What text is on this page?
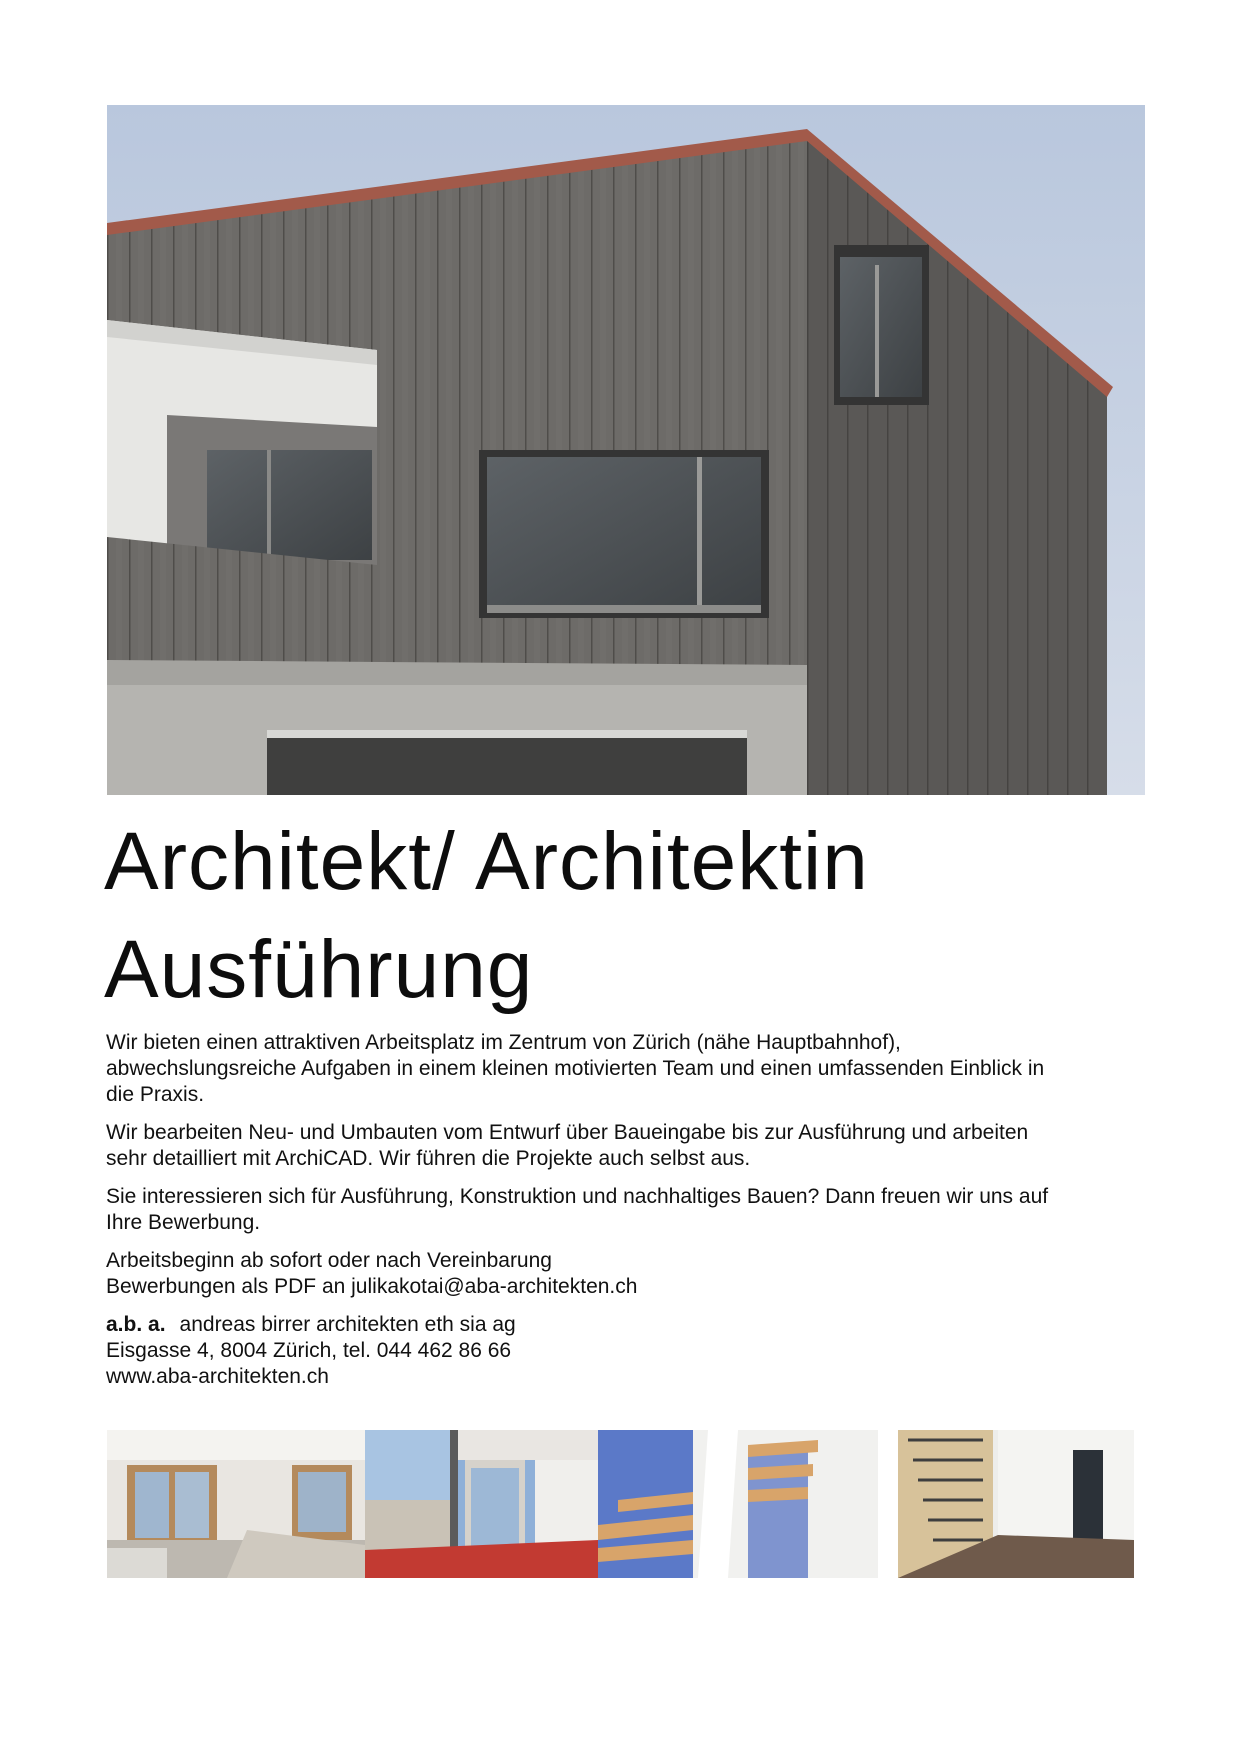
Architekt/ Architektin
Ausführung

Wir bieten einen attraktiven Arbeitsplatz im Zentrum von Zürich (nähe Hauptbahnhof),
abwechslungsreiche Aufgaben in einem kleinen motivierten Team und einen umfassenden Einblick in
die Praxis.

Wir bearbeiten Neu- und Umbauten vom Entwurf über Baueingabe bis zur Ausführung und arbeiten
sehr detailliert mit ArchiCAD. Wir führen die Projekte auch selbst aus.

Sie interessieren sich für Ausführung, Konstruktion und nachhaltiges Bauen? Dann freuen wir uns auf
Ihre Bewerbung.

Arbeitsbeginn ab sofort oder nach Vereinbarung
Bewerbungen als PDF an julikakotai@aba-architekten.ch

a.b. a. andreas birrer architekten eth sia ag
Eisgasse 4, 8004 Zürich, tel. 044 462 86 66
www.aba-architekten.ch
